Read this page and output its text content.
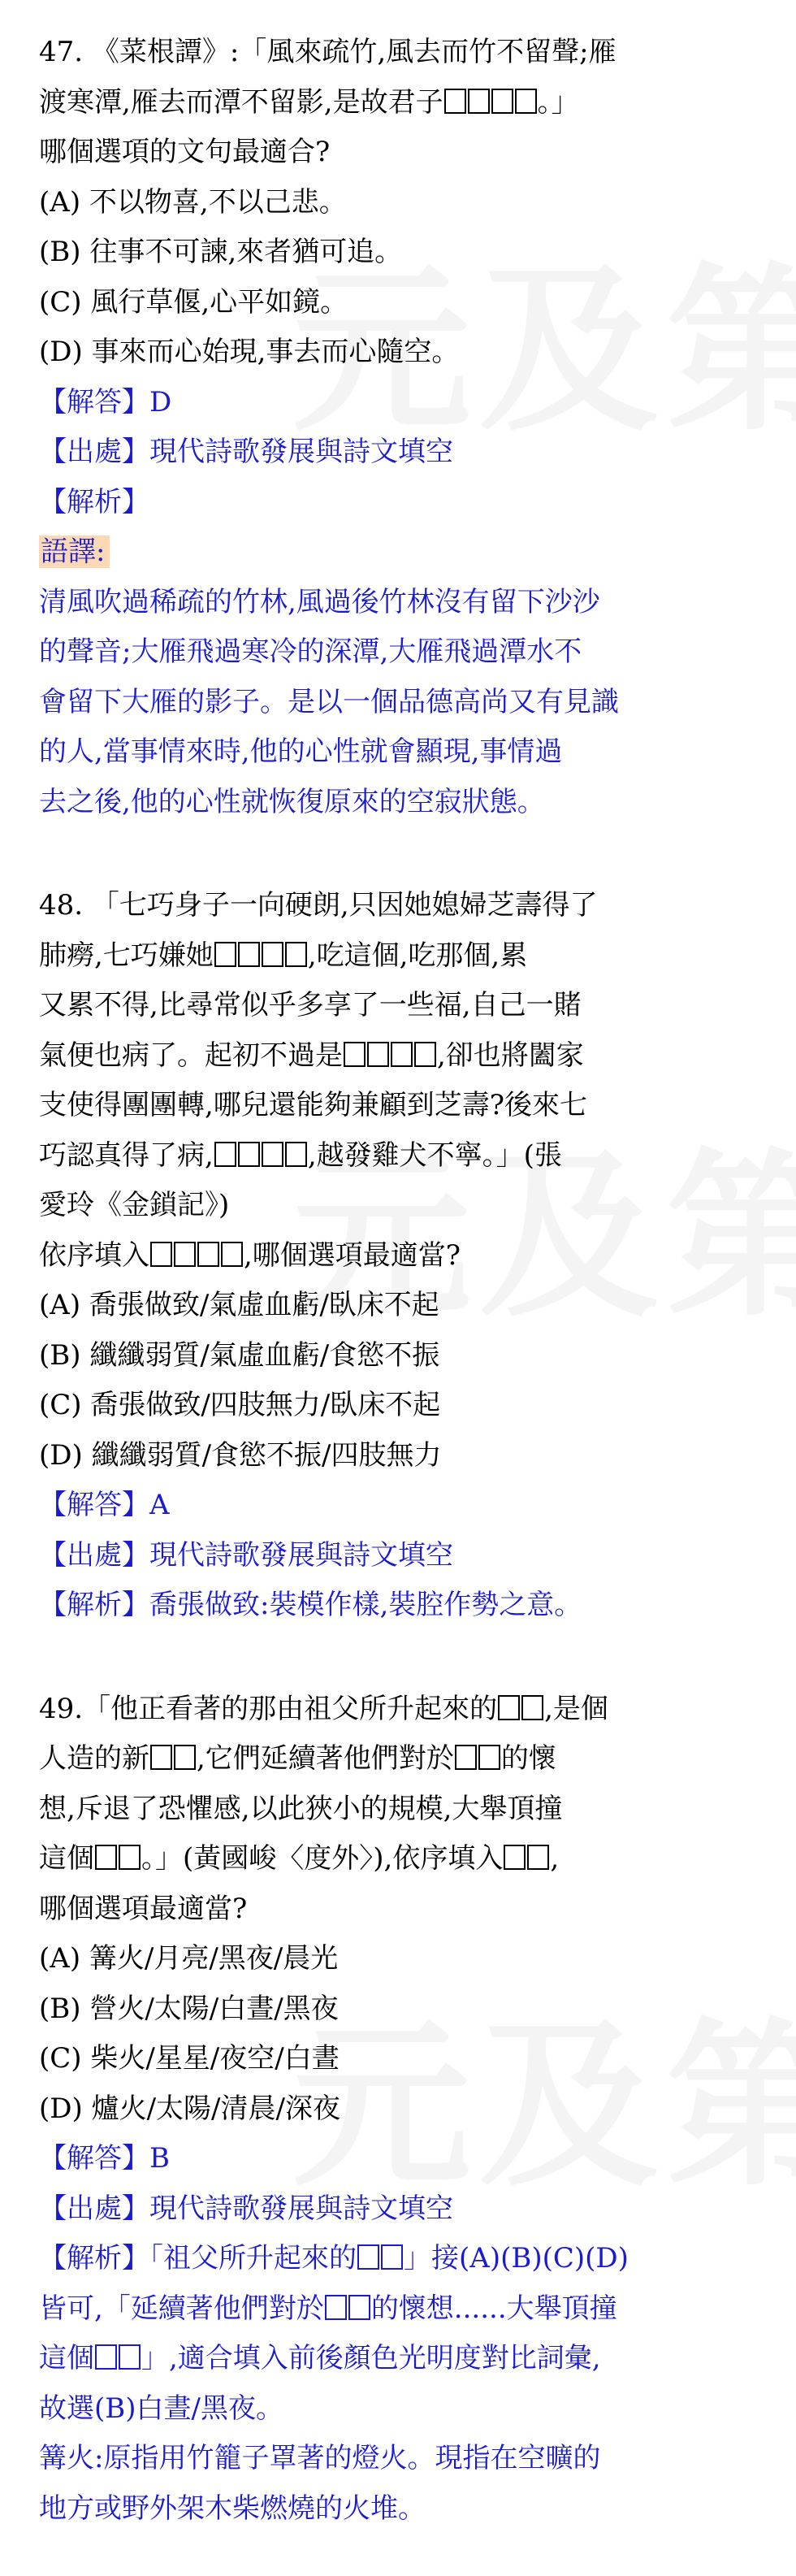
47. 《菜根譚》:「風來疏竹,風去而竹不留聲;雁
渡寒潭,雁去而潭不留影,是故君子	。」
哪個選項的文句最適合?
(A) 不以物喜,不以己悲。
(B) 往事不可諫,來者猶可追。
(C) 風行草偃,心平如鏡。
(D) 事來而心始現,事去而心隨空。
【解答】D
【出處】現代詩歌發展與詩文填空
【解析】
語譯:
清風吹過稀疏的竹林,風過後竹林沒有留下沙沙
的聲音;大雁飛過寒冷的深潭,大雁飛過潭水不
會留下大雁的影子。是以一個品德高尚又有見識
的人,當事情來時,他的心性就會顯現,事情過
去之後,他的心性就恢復原來的空寂狀態。
48. 「七巧身子一向硬朗,只因她媳婦芝壽得了
肺癆,七巧嫌她	,吃這個,吃那個,累
又累不得,比尋常似乎多享了一些福,自己一賭
氣便也病了。起初不過是	,卻也將闔家
支使得團團轉,哪兒還能夠兼顧到芝壽?後來七
巧認真得了病,	,越發雞犬不寧。」(張
愛玲《金鎖記》)
依序填入	,哪個選項最適當?
(A) 喬張做致/氣虛血虧/臥床不起
(B) 纖纖弱質/氣虛血虧/食慾不振
(C) 喬張做致/四肢無力/臥床不起
(D) 纖纖弱質/食慾不振/四肢無力
【解答】A
【出處】現代詩歌發展與詩文填空
【解析】喬張做致:裝模作樣,裝腔作勢之意。
49.「他正看著的那由祖父所升起來的 ,是個
人造的新 ,它們延續著他們對於 的懷
想,斥退了恐懼感,以此狹小的規模,大舉頂撞
這個 。」(黃國峻〈度外〉),依序填入 ,
哪個選項最適當?
(A) 篝火/月亮/黑夜/晨光
(B) 營火/太陽/白晝/黑夜
(C) 柴火/星星/夜空/白晝
(D) 爐火/太陽/清晨/深夜
【解答】B
【出處】現代詩歌發展與詩文填空
【解析】「祖父所升起來的 」接(A)(B)(C)(D)
皆可,「延續著他們對於 的懷想......大舉頂撞
這個 」,適合填入前後顏色光明度對比詞彙,
故選(B)白晝/黑夜。
篝火:原指用竹籠子罩著的燈火。現指在空曠的
地方或野外架木柴燃燒的火堆。
